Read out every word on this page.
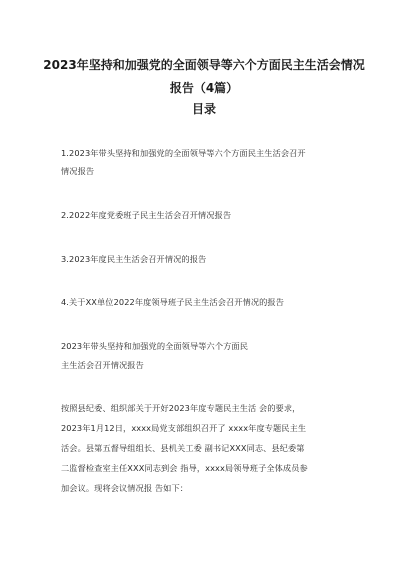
2023年坚持和加强党的全面领导等六个方面民主生活会情况
报告（4篇）
目录
1.2023年带头坚持和加强党的全面领导等六个方面民主生活会召开
情况报告
2.2022年度党委班子民主生活会召开情况报告
3.2023年度民主生活会召开情况的报告
4.关于XX单位2022年度领导班子民主生活会召开情况的报告
2023年带头坚持和加强党的全面领导等六个方面民
主生活会召开情况报告
按照县纪委、组织部关于开好2023年度专题民主生活 会的要求，
2023年1月12日，xxxx局党支部组织召开了 xxxx年度专题民主生
活会。县第五督导组组长、县机关工委 副书记XXX同志、县纪委第
二监督检查室主任XXX同志到会 指导，xxxx局领导班子全体成员参
加会议。现将会议情况报 告如下：
